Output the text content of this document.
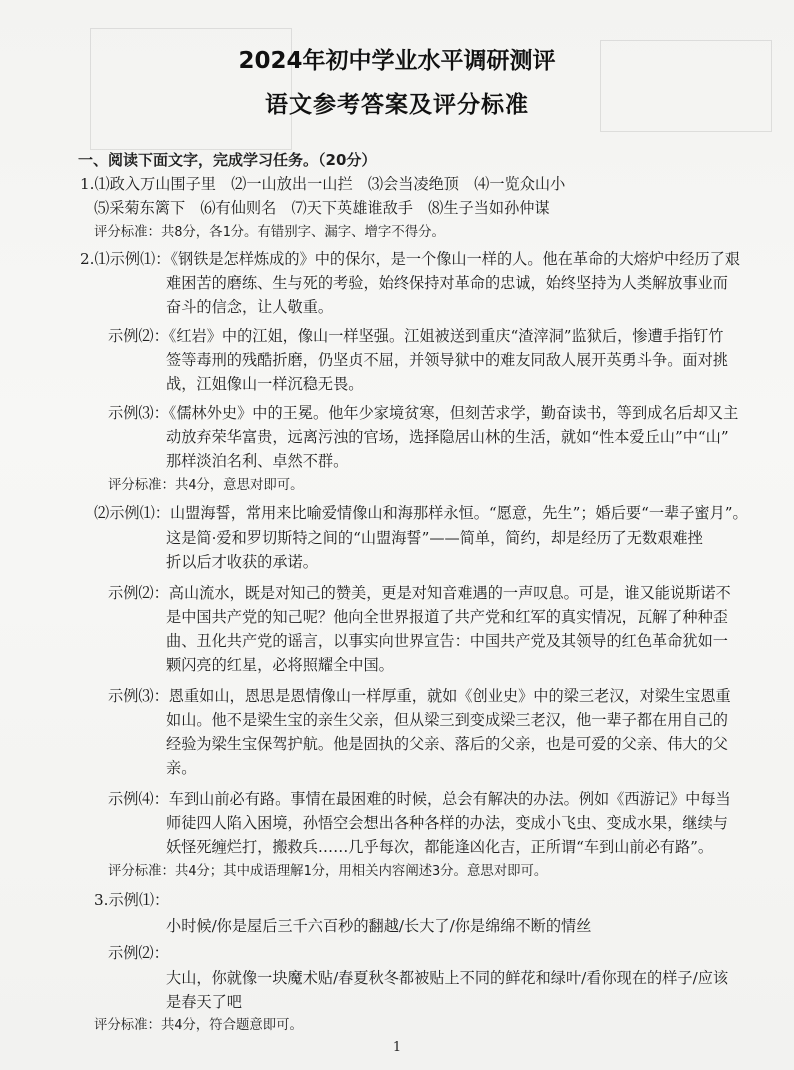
2024年初中学业水平调研测评
语文参考答案及评分标准
一、阅读下面文字，完成学习任务。（20分）
1.⑴政入万山围子里　⑵一山放出一山拦　⑶会当凌绝顶　⑷一览众山小
⑸采菊东篱下　⑹有仙则名　⑺天下英雄谁敌手　⑻生子当如孙仲谋
评分标准：共8分，各1分。有错别字、漏字、增字不得分。
2.⑴示例⑴：《钢铁是怎样炼成的》中的保尔，是一个像山一样的人。他在革命的大熔炉中经历了艰
难困苦的磨练、生与死的考验，始终保持对革命的忠诚，始终坚持为人类解放事业而
奋斗的信念，让人敬重。
示例⑵：《红岩》中的江姐，像山一样坚强。江姐被送到重庆“渣滓洞”监狱后，惨遭手指钉竹
签等毒刑的残酷折磨，仍坚贞不屈，并领导狱中的难友同敌人展开英勇斗争。面对挑
战，江姐像山一样沉稳无畏。
示例⑶：《儒林外史》中的王冕。他年少家境贫寒，但刻苦求学，勤奋读书，等到成名后却又主
动放弃荣华富贵，远离污浊的官场，选择隐居山林的生活，就如“性本爱丘山”中“山”
那样淡泊名利、卓然不群。
评分标准：共4分，意思对即可。
⑵示例⑴：山盟海誓，常用来比喻爱情像山和海那样永恒。“愿意，先生”；婚后要“一辈子蜜月”。
这是简·爱和罗切斯特之间的“山盟海誓”——简单，简约，却是经历了无数艰难挫
折以后才收获的承诺。
示例⑵：高山流水，既是对知己的赞美，更是对知音难遇的一声叹息。可是，谁又能说斯诺不
是中国共产党的知己呢？他向全世界报道了共产党和红军的真实情况，瓦解了种种歪
曲、丑化共产党的谣言，以事实向世界宣告：中国共产党及其领导的红色革命犹如一
颗闪亮的红星，必将照耀全中国。
示例⑶：恩重如山，恩思是恩情像山一样厚重，就如《创业史》中的梁三老汉，对梁生宝恩重
如山。他不是梁生宝的亲生父亲，但从梁三到变成梁三老汉，他一辈子都在用自己的
经验为梁生宝保驾护航。他是固执的父亲、落后的父亲，也是可爱的父亲、伟大的父
亲。
示例⑷：车到山前必有路。事情在最困难的时候，总会有解决的办法。例如《西游记》中每当
师徒四人陷入困境，孙悟空会想出各种各样的办法，变成小飞虫、变成水果，继续与
妖怪死缠烂打，搬救兵……几乎每次，都能逢凶化吉，正所谓“车到山前必有路”。
评分标准：共4分；其中成语理解1分，用相关内容阐述3分。意思对即可。
3.示例⑴：
小时候/你是屋后三千六百秒的翻越/长大了/你是绵绵不断的情丝
示例⑵：
大山，你就像一块魔术贴/春夏秋冬都被贴上不同的鲜花和绿叶/看你现在的样子/应该
是春天了吧
评分标准：共4分，符合题意即可。
1
